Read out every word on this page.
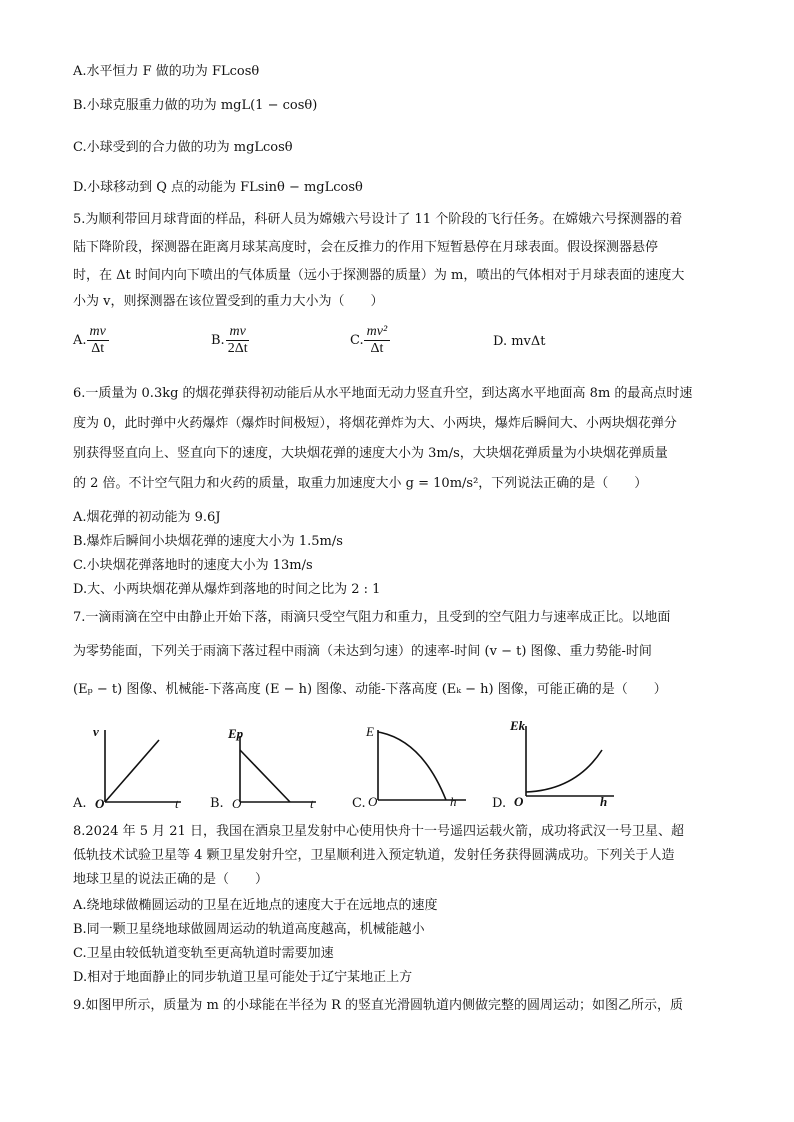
A.水平恒力 F 做的功为 FLcosθ
B.小球克服重力做的功为 mgL(1 − cosθ)
C.小球受到的合力做的功为 mgLcosθ
D.小球移动到 Q 点的动能为 FLsinθ − mgLcosθ
5.为顺利带回月球背面的样品，科研人员为嫦娥六号设计了 11 个阶段的飞行任务。在嫦娥六号探测器的着
陆下降阶段，探测器在距离月球某高度时，会在反推力的作用下短暂悬停在月球表面。假设探测器悬停
时，在 Δt 时间内向下喷出的气体质量（远小于探测器的质量）为 m，喷出的气体相对于月球表面的速度大
小为 v，则探测器在该位置受到的重力大小为（　　）
A. $\frac{mv}{\Delta t}$	B. $\frac{mv}{2\Delta t}$	C. $\frac{\text{mv²}}{\Delta t}$	D. mvΔt
6.一质量为 0.3kg 的烟花弹获得初动能后从水平地面无动力竖直升空，到达离水平地面高 8m 的最高点时速
度为 0，此时弹中火药爆炸（爆炸时间极短），将烟花弹炸为大、小两块，爆炸后瞬间大、小两块烟花弹分
别获得竖直向上、竖直向下的速度，大块烟花弹的速度大小为 3m/s，大块烟花弹质量为小块烟花弹质量
的 2 倍。不计空气阻力和火药的质量，取重力加速度大小 g = 10m/s²，下列说法正确的是（　　）
A.烟花弹的初动能为 9.6J
B.爆炸后瞬间小块烟花弹的速度大小为 1.5m/s
C.小块烟花弹落地时的速度大小为 13m/s
D.大、小两块烟花弹从爆炸到落地的时间之比为 2 : 1
7.一滴雨滴在空中由静止开始下落，雨滴只受空气阻力和重力，且受到的空气阻力与速率成正比。以地面
为零势能面，下列关于雨滴下落过程中雨滴（未达到匀速）的速率-时间 (v − t) 图像、重力势能-时间
(Eₚ − t) 图像、机械能-下落高度 (E − h) 图像、动能-下落高度 (Eₖ − h) 图像，可能正确的是（　　）
A.
v
O	t B.
Ep
O	t	C.
E
O	h	D.
Ek
O	h
8.2024 年 5 月 21 日，我国在酒泉卫星发射中心使用快舟十一号遥四运载火箭，成功将武汉一号卫星、超
低轨技术试验卫星等 4 颗卫星发射升空，卫星顺利进入预定轨道，发射任务获得圆满成功。下列关于人造
地球卫星的说法正确的是（　　）
A.绕地球做椭圆运动的卫星在近地点的速度大于在远地点的速度
B.同一颗卫星绕地球做圆周运动的轨道高度越高，机械能越小
C.卫星由较低轨道变轨至更高轨道时需要加速
D.相对于地面静止的同步轨道卫星可能处于辽宁某地正上方
9.如图甲所示，质量为 m 的小球能在半径为 R 的竖直光滑圆轨道内侧做完整的圆周运动；如图乙所示，质
